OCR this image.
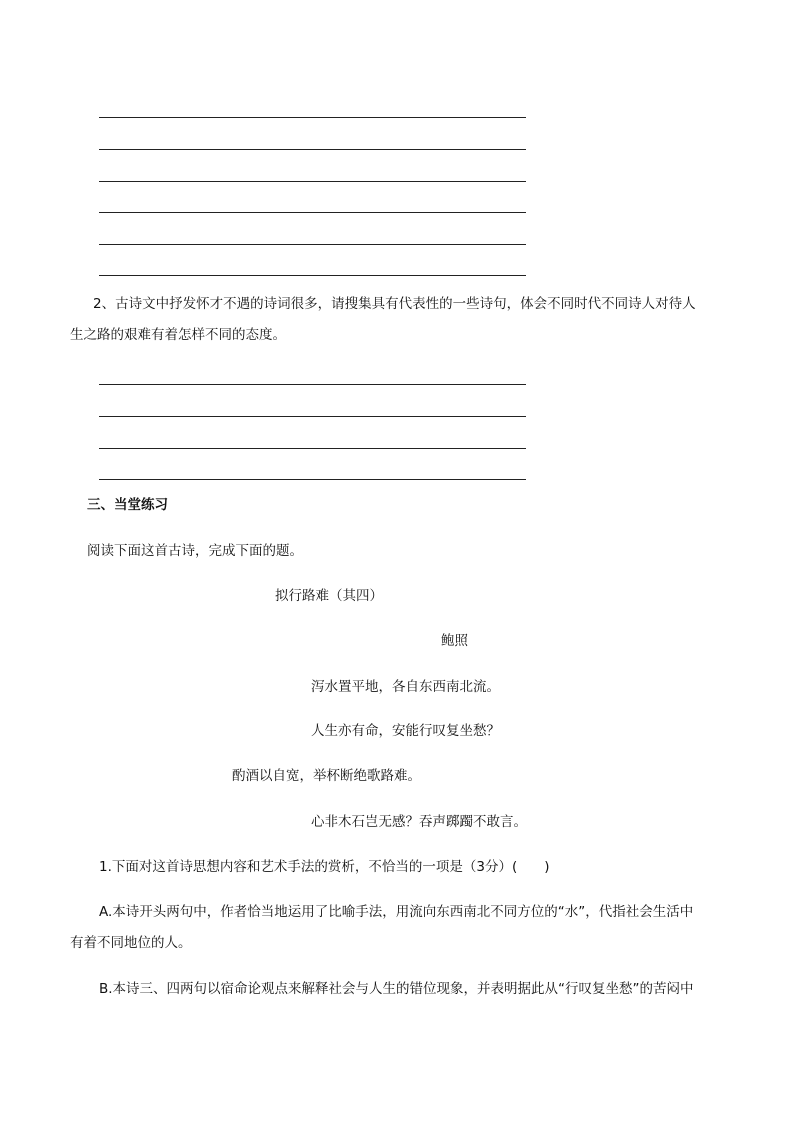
2、古诗文中抒发怀才不遇的诗词很多，请搜集具有代表性的一些诗句，体会不同时代不同诗人对待人
生之路的艰难有着怎样不同的态度。
三、当堂练习
阅读下面这首古诗，完成下面的题。
拟行路难（其四）
鲍照
泻水置平地，各自东西南北流。
人生亦有命，安能行叹复坐愁？
酌酒以自宽，举杯断绝歌路难。
心非木石岂无感？吞声踯躅不敢言。
1.下面对这首诗思想内容和艺术手法的赏析，不恰当的一项是（3分）(　　)
A.本诗开头两句中，作者恰当地运用了比喻手法，用流向东西南北不同方位的“水”，代指社会生活中
有着不同地位的人。
B.本诗三、四两句以宿命论观点来解释社会与人生的错位现象，并表明据此从“行叹复坐愁”的苦闷中
